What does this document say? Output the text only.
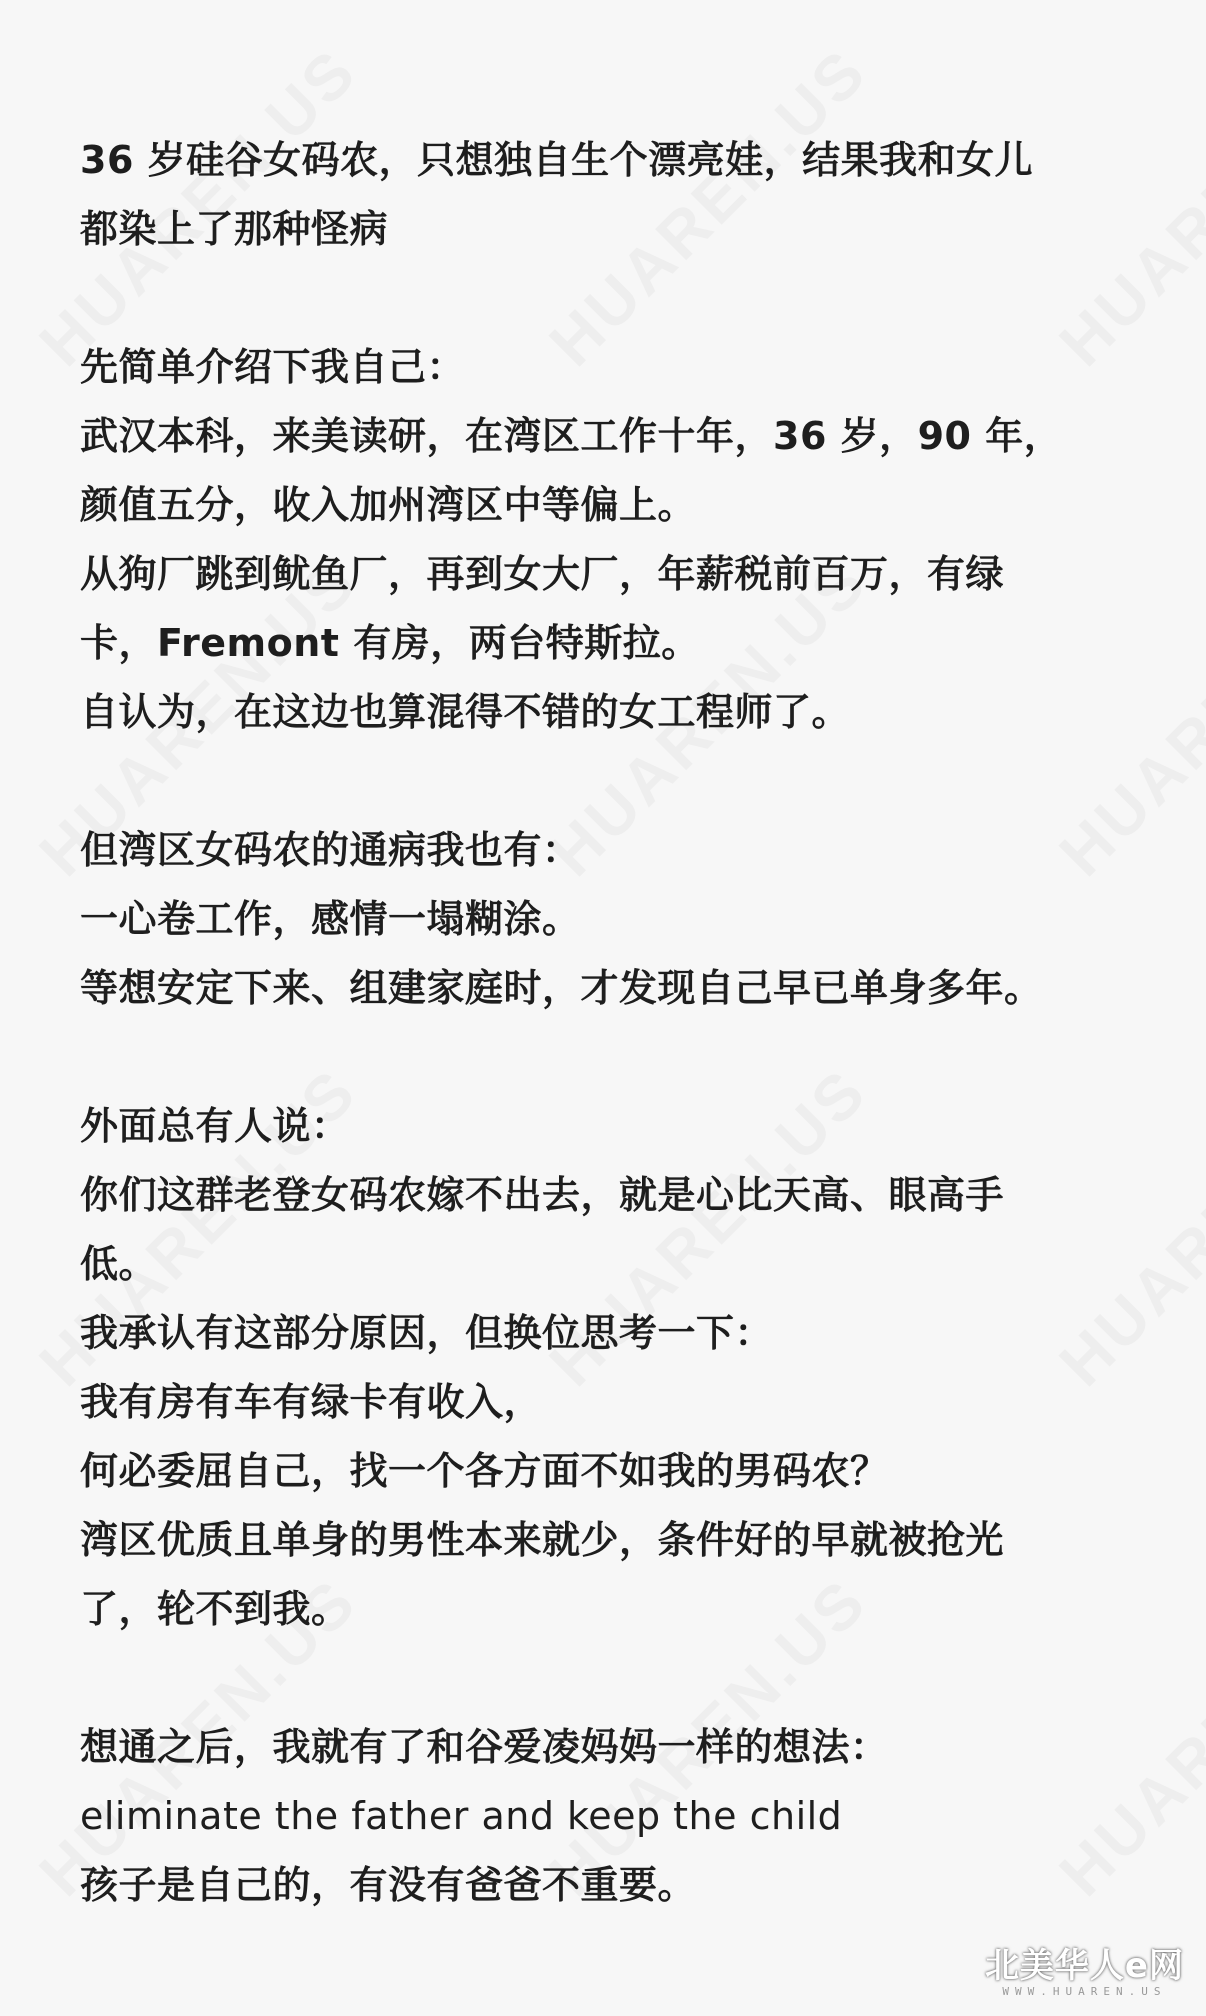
36 岁硅谷女码农，只想独自生个漂亮娃，结果我和女儿
都染上了那种怪病
先简单介绍下我自己：
武汉本科，来美读研，在湾区工作十年，36 岁，90 年，
颜值五分，收入加州湾区中等偏上。
从狗厂跳到鱿鱼厂，再到女大厂，年薪税前百万，有绿
卡，Fremont 有房，两台特斯拉。
自认为，在这边也算混得不错的女工程师了。
但湾区女码农的通病我也有：
一心卷工作，感情一塌糊涂。
等想安定下来、组建家庭时，才发现自己早已单身多年。
外面总有人说：
你们这群老登女码农嫁不出去，就是心比天高、眼高手
低。
我承认有这部分原因，但换位思考一下：
我有房有车有绿卡有收入，
何必委屈自己，找一个各方面不如我的男码农？
湾区优质且单身的男性本来就少，条件好的早就被抢光
了，轮不到我。
想通之后，我就有了和谷爱凌妈妈一样的想法：
eliminate the father and keep the child
孩子是自己的，有没有爸爸不重要。
北美华人e网
WWW.HUAREN.US
